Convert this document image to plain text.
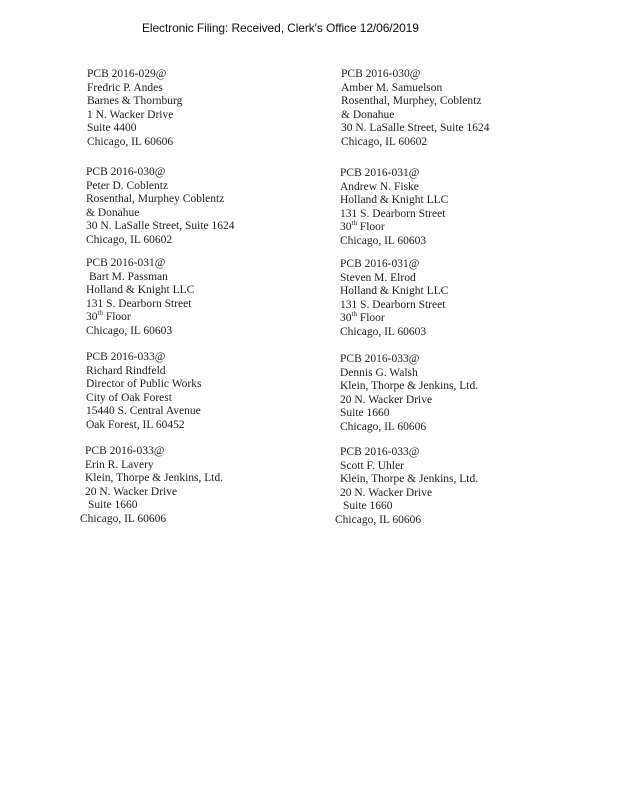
Electronic Filing: Received, Clerk's Office 12/06/2019
PCB 2016-029@
Fredric P. Andes
Barnes & Thornburg
1 N. Wacker Drive
Suite 4400
Chicago, IL 60606
PCB 2016-030@
Peter D. Coblentz
Rosenthal, Murphey Coblentz
& Donahue
30 N. LaSalle Street, Suite 1624
Chicago, IL 60602
PCB 2016-031@
Bart M. Passman
Holland & Knight LLC
131 S. Dearborn Street
30th Floor
Chicago, IL 60603
PCB 2016-033@
Richard Rindfeld
Director of Public Works
City of Oak Forest
15440 S. Central Avenue
Oak Forest, IL 60452
PCB 2016-033@
Erin R. Lavery
Klein, Thorpe & Jenkins, Ltd.
20 N. Wacker Drive
Suite 1660
Chicago, IL 60606
PCB 2016-030@
Amber M. Samuelson
Rosenthal, Murphey, Coblentz
& Donahue
30 N. LaSalle Street, Suite 1624
Chicago, IL 60602
PCB 2016-031@
Andrew N. Fiske
Holland & Knight LLC
131 S. Dearborn Street
30th Floor
Chicago, IL 60603
PCB 2016-031@
Steven M. Elrod
Holland & Knight LLC
131 S. Dearborn Street
30th Floor
Chicago, IL 60603
PCB 2016-033@
Dennis G. Walsh
Klein, Thorpe & Jenkins, Ltd.
20 N. Wacker Drive
Suite 1660
Chicago, IL 60606
PCB 2016-033@
Scott F. Uhler
Klein, Thorpe & Jenkins, Ltd.
20 N. Wacker Drive
Suite 1660
Chicago, IL 60606
